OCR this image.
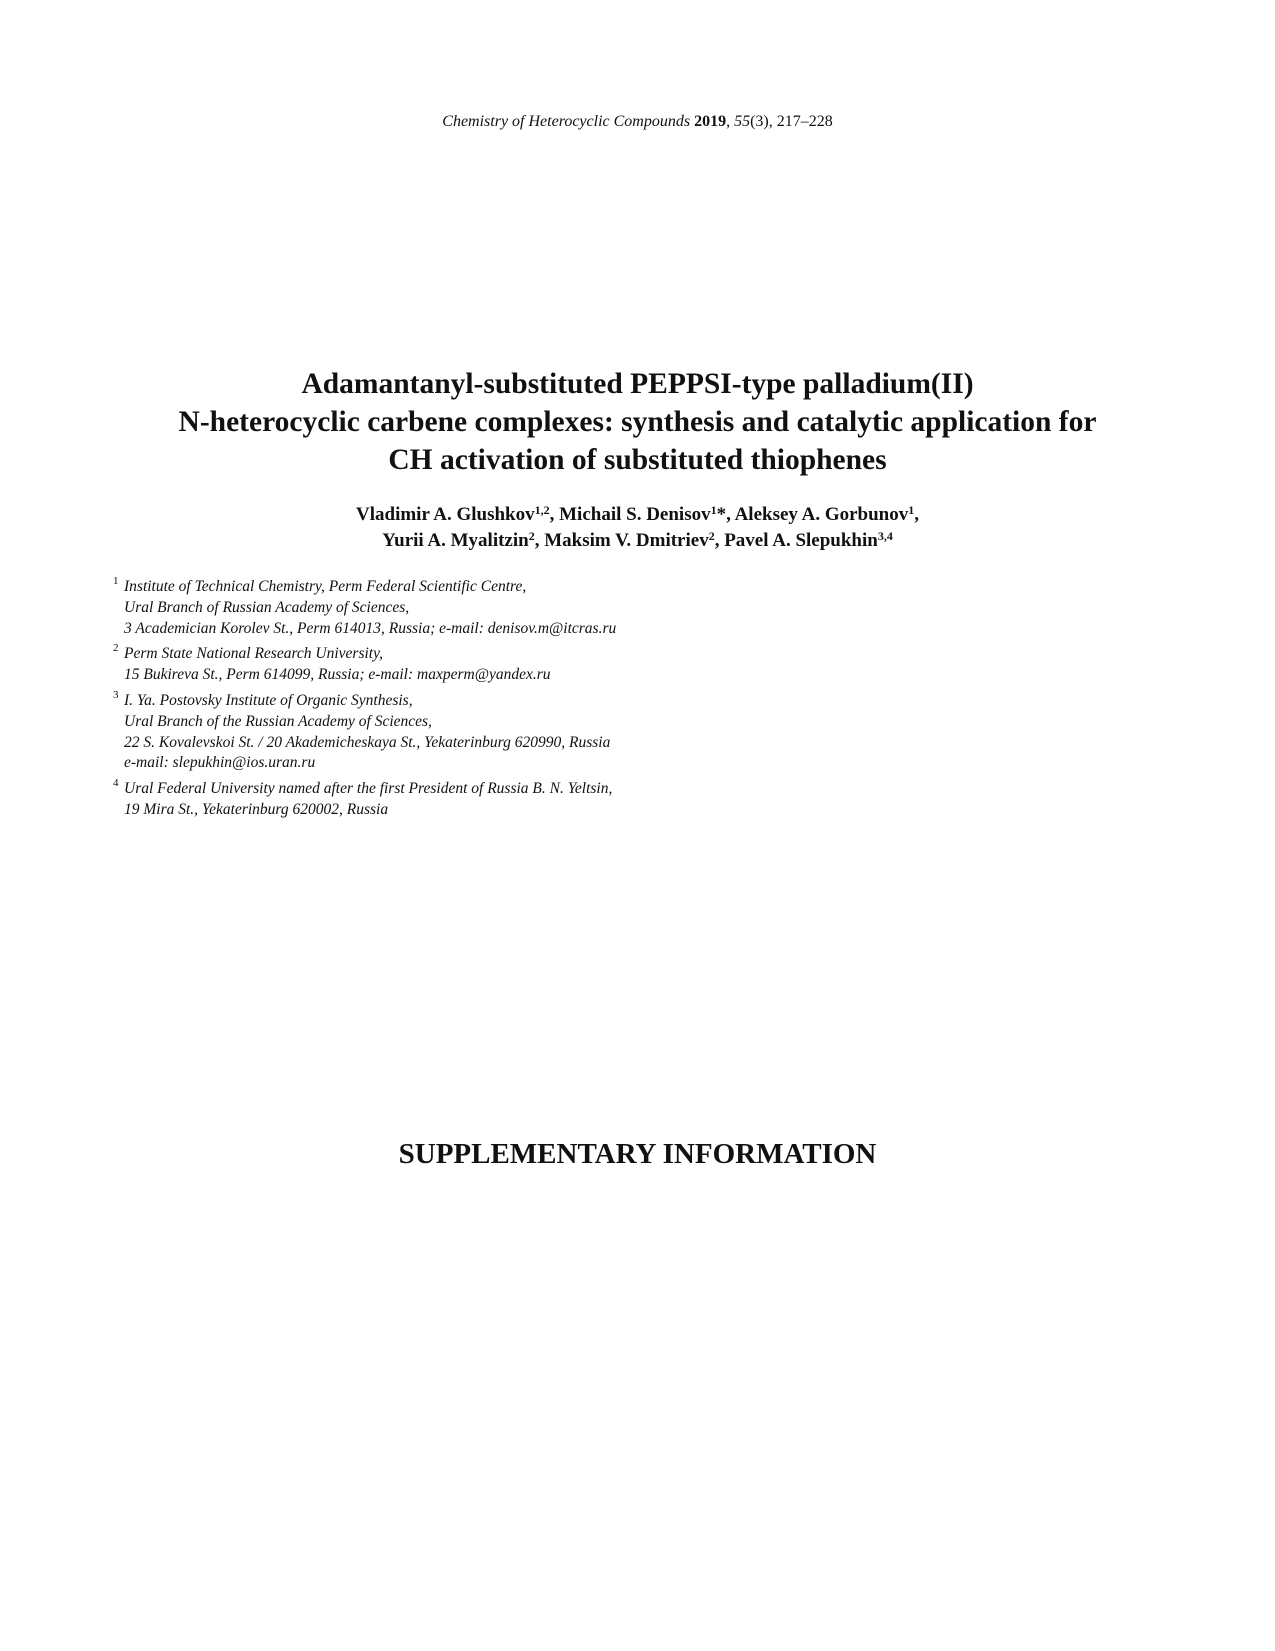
Chemistry of Heterocyclic Compounds 2019, 55(3), 217–228
Adamantanyl-substituted PEPPSI-type palladium(II)
N-heterocyclic carbene complexes: synthesis and catalytic application for
CH activation of substituted thiophenes
Vladimir A. Glushkov$^{1,2}$, Michail S. Denisov$^1$*, Aleksey A. Gorbunov$^1$,
Yurii A. Myalitzin$^2$, Maksim V. Dmitriev$^2$, Pavel A. Slepukhin$^{3,4}$
1 Institute of Technical Chemistry, Perm Federal Scientific Centre,
Ural Branch of Russian Academy of Sciences,
3 Academician Korolev St., Perm 614013, Russia; e-mail: denisov.m@itcras.ru
2 Perm State National Research University,
15 Bukireva St., Perm 614099, Russia; e-mail: maxperm@yandex.ru
3 I. Ya. Postovsky Institute of Organic Synthesis,
Ural Branch of the Russian Academy of Sciences,
22 S. Kovalevskoi St. / 20 Akademicheskaya St., Yekaterinburg 620990, Russia
e-mail: slepukhin@ios.uran.ru
4 Ural Federal University named after the first President of Russia B. N. Yeltsin,
19 Mira St., Yekaterinburg 620002, Russia
SUPPLEMENTARY INFORMATION
